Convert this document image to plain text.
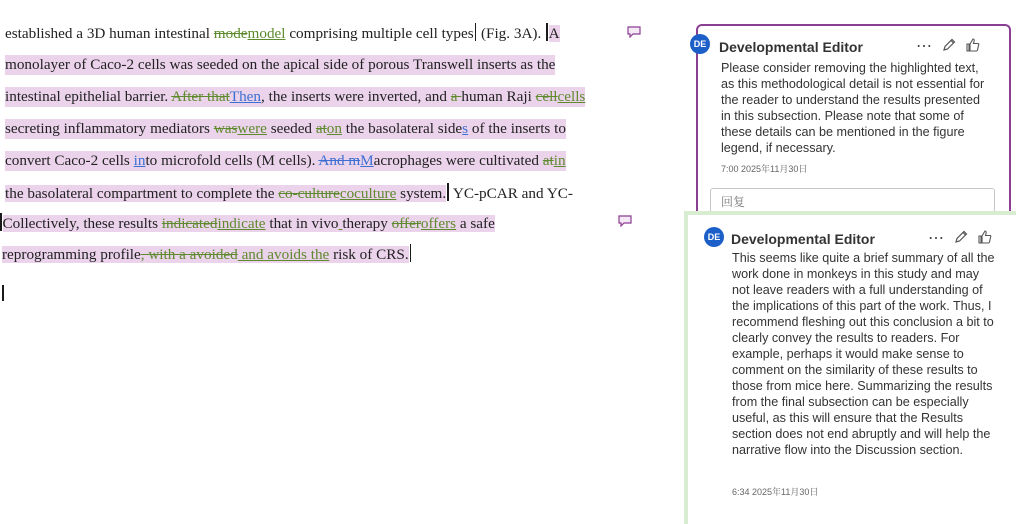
established a 3D human intestinal modemodel comprising multiple cell types (Fig. 3A). A
monolayer of Caco-2 cells was seeded on the apical side of porous Transwell inserts as the
intestinal epithelial barrier. After thatThen, the inserts were inverted, and a human Raji cellcells
secreting inflammatory mediators waswere seeded aton the basolateral sides of the inserts to
convert Caco-2 cells into microfold cells (M cells). And mMacrophages were cultivated atin
the basolateral compartment to complete the co-culturecoculture system. YC-pCAR and YC-
Collectively, these results indicatedindicate that in vivo therapy offeroffers a safe
reprogramming profile, with a avoided and avoids the risk of CRS.
DE Developmental Editor	⋯
Please consider removing the highlighted text, as this methodological detail is not essential for the reader to understand the results presented in this subsection. Please note that some of these details can be mentioned in the figure legend, if necessary.
7:00 2025年11月30日
回复
DE Developmental Editor	⋯
This seems like quite a brief summary of all the work done in monkeys in this study and may not leave readers with a full understanding of the implications of this part of the work. Thus, I recommend fleshing out this conclusion a bit to clearly convey the results to readers. For example, perhaps it would make sense to comment on the similarity of these results to those from mice here. Summarizing the results from the final subsection can be especially useful, as this will ensure that the Results section does not end abruptly and will help the narrative flow into the Discussion section.
6:34 2025年11月30日
